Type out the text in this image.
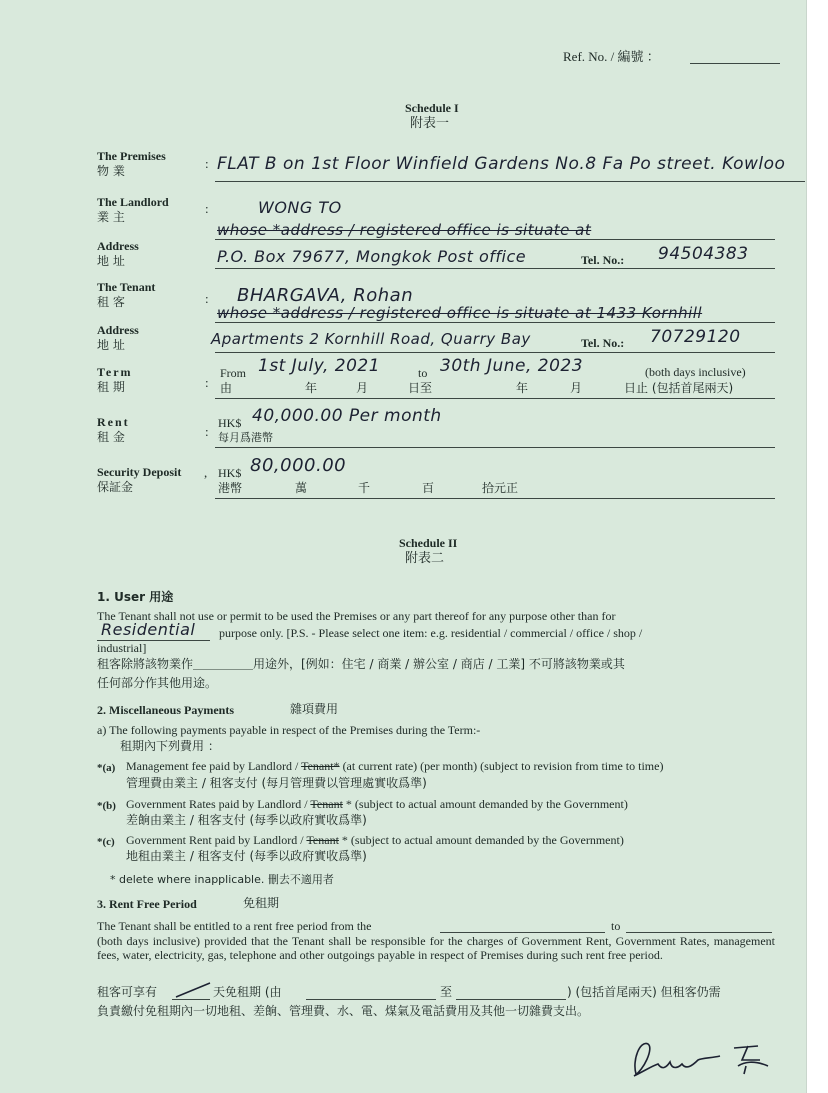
Ref. No. / 編號 ：
Schedule I
附表一
The Premises
物 業	: FLAT B on 1st Floor Winfield Gardens No.8 Fa Po street. Kowloo
The Landlord
業 主
:	WONG TO
whose *address / registered office is situate at
Address
地 址	P.O. Box 79677, Mongkok Post office	Tel. No.: 94504383
The Tenant
租 客	: BHARGAVA, Rohan
whose *address / registered office is situate at 1433 Kornhill
Address
地 址	Apartments 2 Kornhill Road, Quarry Bay	Tel. No.: 70729120
Term
租 期	:
From 1st July, 2021	to 30th June, 2023	(both days inclusive)
由	年	月	日至	年	月	日止 (包括首尾兩天)
Rent
租 金	:
HK$ 40,000.00 Per month
每月爲港幣
Security Deposit ,
保証金
HK$ 80,000.00
港幣	萬	千	百	拾元正
Schedule II
附表二
1. User 用途
The Tenant shall not use or permit to be used the Premises or any part thereof for any purpose other than for
Residential purpose only. [P.S. - Please select one item: e.g. residential / commercial / office / shop /
industrial]
租客除將該物業作＿＿＿＿＿用途外，[例如：住宅 / 商業 / 辦公室 / 商店 / 工業] 不可將該物業或其
任何部分作其他用途。
2. Miscellaneous Payments	雜項費用
a) The following payments payable in respect of the Premises during the Term:-
租期內下列費用 ：
*(a) Management fee paid by Landlord / Tenant* (at current rate) (per month) (subject to revision from time to time)
管理費由業主 / 租客支付 (每月管理費以管理處實收爲準)
*(b) Government Rates paid by Landlord / Tenant * (subject to actual amount demanded by the Government)
差餉由業主 / 租客支付 (每季以政府實收爲準)
*(c) Government Rent paid by Landlord / Tenant * (subject to actual amount demanded by the Government)
地租由業主 / 租客支付 (每季以政府實收爲準)
* delete where inapplicable. 刪去不適用者
3. Rent Free Period	免租期
The Tenant shall be entitled to a rent free period from the	to
(both days inclusive) provided that the Tenant shall be responsible for the charges of Government Rent, Government Rates, management fees, water, electricity, gas, telephone and other outgoings payable in respect of Premises during such rent free period.
租客可享有	天免租期 (由	至	) (包括首尾兩天) 但租客仍需
負責繳付免租期內一切地租、差餉、管理費、水、電、煤氣及電話費用及其他一切雜費支出。
